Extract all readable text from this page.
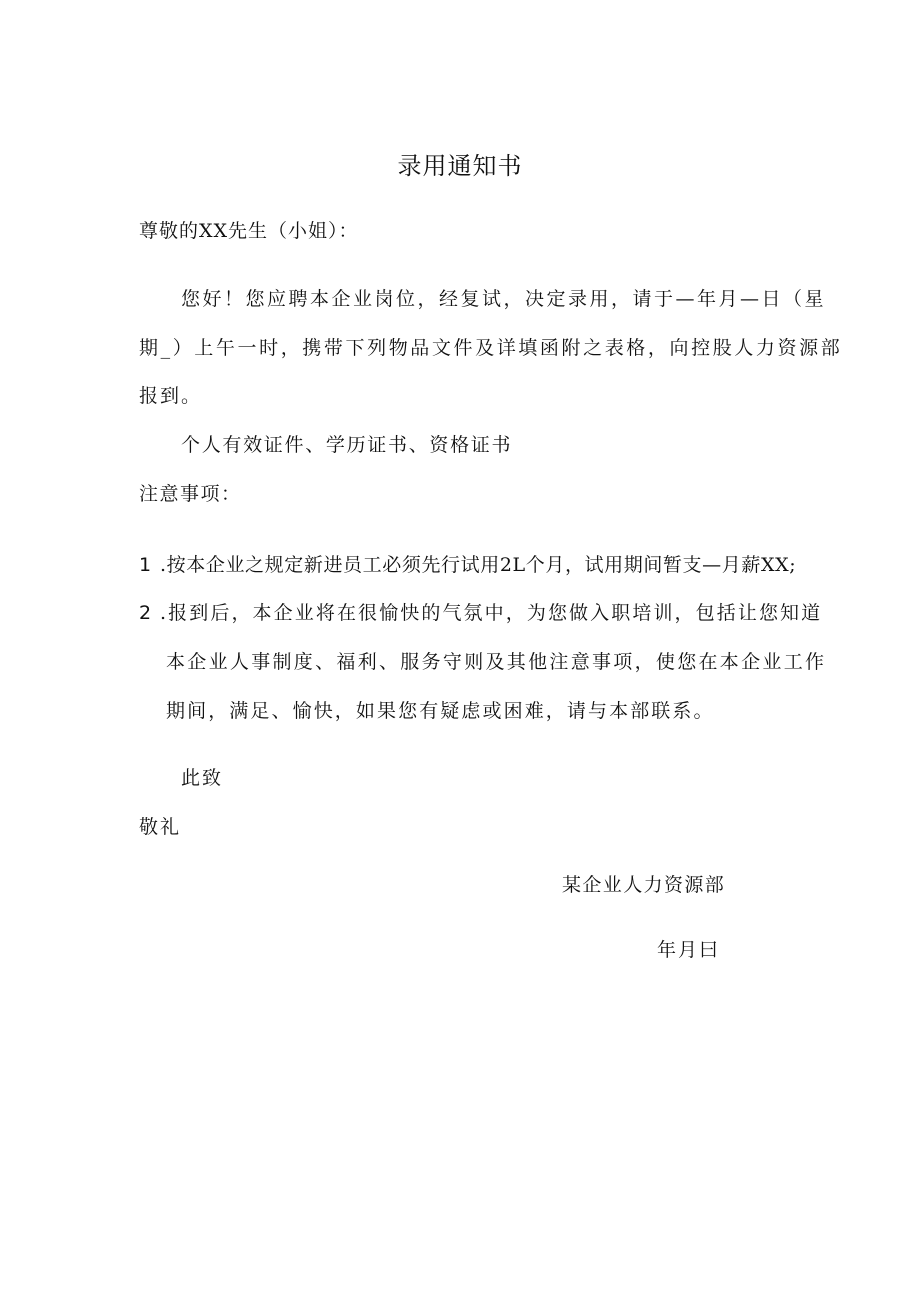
录用通知书
尊敬的XX先生（小姐）：
您好！您应聘本企业岗位，经复试，决定录用，请于—年月—日（星
期_）上午一时，携带下列物品文件及详填函附之表格，向控股人力资源部
报到。
个人有效证件、学历证书、资格证书
注意事项：
1 .按本企业之规定新进员工必须先行试用2L个月，试用期间暂支—月薪XX;
2 .报到后，本企业将在很愉快的气氛中，为您做入职培训，包括让您知道
本企业人事制度、福利、服务守则及其他注意事项，使您在本企业工作
期间，满足、愉快，如果您有疑虑或困难，请与本部联系。
此致
敬礼
某企业人力资源部
年月曰
